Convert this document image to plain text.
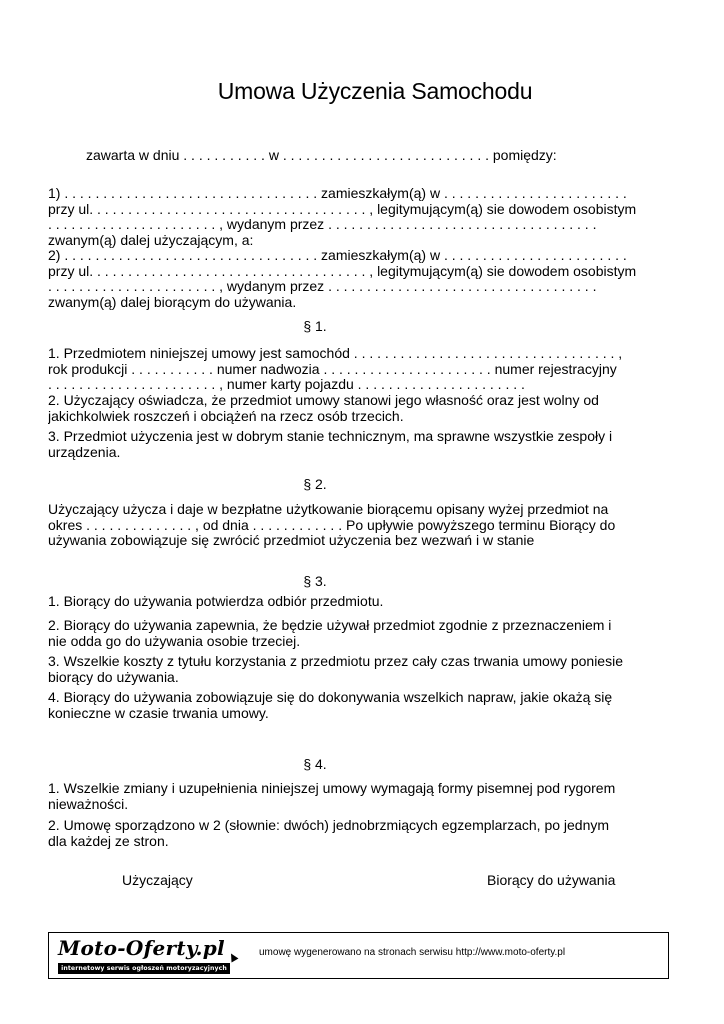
Umowa Użyczenia Samochodu
zawarta w dniu . . . . . . . . . . . w . . . . . . . . . . . . . . . . . . . . . . . . . . . pomiędzy:
1) . . . . . . . . . . . . . . . . . . . . . . . . . . . . . . . . . zamieszkałym(ą) w . . . . . . . . . . . . . . . . . . . . . . . .
przy ul. . . . . . . . . . . . . . . . . . . . . . . . . . . . . . . . . . . . , legitymującym(ą) sie dowodem osobistym
. . . . . . . . . . . . . . . . . . . . . . , wydanym przez . . . . . . . . . . . . . . . . . . . . . . . . . . . . . . . . . . .
zwanym(ą) dalej użyczającym, a:
2) . . . . . . . . . . . . . . . . . . . . . . . . . . . . . . . . . zamieszkałym(ą) w . . . . . . . . . . . . . . . . . . . . . . . .
przy ul. . . . . . . . . . . . . . . . . . . . . . . . . . . . . . . . . . . . , legitymującym(ą) sie dowodem osobistym
. . . . . . . . . . . . . . . . . . . . . . , wydanym przez . . . . . . . . . . . . . . . . . . . . . . . . . . . . . . . . . . .
zwanym(ą) dalej biorącym do używania.
§ 1.
1. Przedmiotem niniejszej umowy jest samochód . . . . . . . . . . . . . . . . . . . . . . . . . . . . . . . . . . ,
rok produkcji . . . . . . . . . . . numer nadwozia . . . . . . . . . . . . . . . . . . . . . . numer rejestracyjny
. . . . . . . . . . . . . . . . . . . . . . , numer karty pojazdu . . . . . . . . . . . . . . . . . . . . . .
2. Użyczający oświadcza, że przedmiot umowy stanowi jego własność oraz jest wolny od
jakichkolwiek roszczeń i obciążeń na rzecz osób trzecich.
3. Przedmiot użyczenia jest w dobrym stanie technicznym, ma sprawne wszystkie zespoły i
urządzenia.
§ 2.
Użyczający użycza i daje w bezpłatne użytkowanie biorącemu opisany wyżej przedmiot na
okres . . . . . . . . . . . . . . , od dnia . . . . . . . . . . . . Po upływie powyższego terminu Biorący do
używania zobowiązuje się zwrócić przedmiot użyczenia bez wezwań i w stanie
§ 3.
1. Biorący do używania potwierdza odbiór przedmiotu.
2. Biorący do używania zapewnia, że będzie używał przedmiot zgodnie z przeznaczeniem i
nie odda go do używania osobie trzeciej.
3. Wszelkie koszty z tytułu korzystania z przedmiotu przez cały czas trwania umowy poniesie
biorący do używania.
4. Biorący do używania zobowiązuje się do dokonywania wszelkich napraw, jakie okażą się
konieczne w czasie trwania umowy.
§ 4.
1. Wszelkie zmiany i uzupełnienia niniejszej umowy wymagają formy pisemnej pod rygorem
nieważności.
2. Umowę sporządzono w 2 (słownie: dwóch) jednobrzmiących egzemplarzach, po jednym
dla każdej ze stron.
Użyczający	Biorący do używania
Moto-Oferty.pl
internetowy serwis ogłoszeń motoryzacyjnych
umowę wygenerowano na stronach serwisu http://www.moto-oferty.pl
